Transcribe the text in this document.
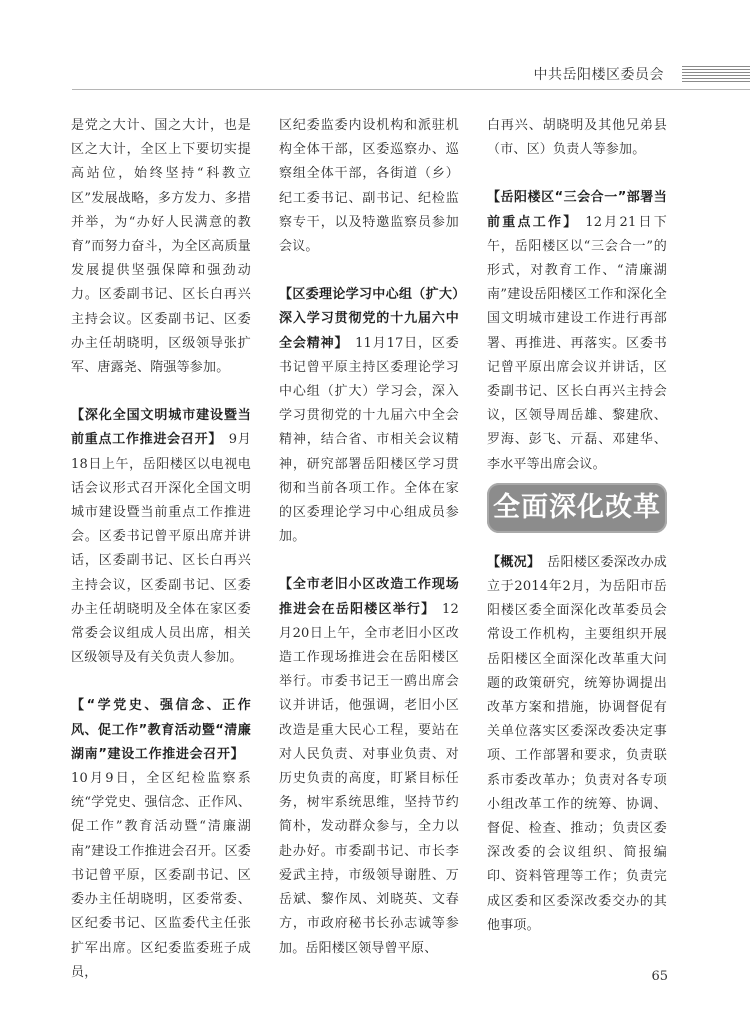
中共岳阳楼区委员会

是党之大计、国之大计，也是区之大计，全区上下要切实提高站位，始终坚持“科教立区”发展战略，多方发力、多措并举，为“办好人民满意的教育”而努力奋斗，为全区高质量发展提供坚强保障和强劲动力。区委副书记、区长白再兴主持会议。区委副书记、区委办主任胡晓明，区级领导张扩军、唐露尧、隋强等参加。

【深化全国文明城市建设暨当前重点工作推进会召开】  9月18日上午，岳阳楼区以电视电话会议形式召开深化全国文明城市建设暨当前重点工作推进会。区委书记曾平原出席并讲话，区委副书记、区长白再兴主持会议，区委副书记、区委办主任胡晓明及全体在家区委常委会议组成人员出席，相关区级领导及有关负责人参加。

【“学党史、强信念、正作风、促工作”教育活动暨“清廉湖南”建设工作推进会召开】 10月9日，全区纪检监察系统“学党史、强信念、正作风、促工作”教育活动暨“清廉湖南”建设工作推进会召开。区委书记曾平原，区委副书记、区委办主任胡晓明，区委常委、区纪委书记、区监委代主任张扩军出席。区纪委监委班子成员，

区纪委监委内设机构和派驻机构全体干部，区委巡察办、巡察组全体干部，各街道（乡）纪工委书记、副书记、纪检监察专干，以及特邀监察员参加会议。

【区委理论学习中心组（扩大）深入学习贯彻党的十九届六中全会精神】  11月17日，区委书记曾平原主持区委理论学习中心组（扩大）学习会，深入学习贯彻党的十九届六中全会精神，结合省、市相关会议精神，研究部署岳阳楼区学习贯彻和当前各项工作。全体在家的区委理论学习中心组成员参加。

【全市老旧小区改造工作现场推进会在岳阳楼区举行】  12月20日上午，全市老旧小区改造工作现场推进会在岳阳楼区举行。市委书记王一鸥出席会议并讲话，他强调，老旧小区改造是重大民心工程，要站在对人民负责、对事业负责、对历史负责的高度，盯紧目标任务，树牢系统思维，坚持节约简朴，发动群众参与，全力以赴办好。市委副书记、市长李爱武主持，市级领导谢胜、万岳斌、黎作凤、刘晓英、文春方，市政府秘书长孙志诚等参加。岳阳楼区领导曾平原、

白再兴、胡晓明及其他兄弟县（市、区）负责人等参加。

【岳阳楼区“三会合一”部署当前重点工作】  12月21日下午，岳阳楼区以“三会合一”的形式，对教育工作、“清廉湖南”建设岳阳楼区工作和深化全国文明城市建设工作进行再部署、再推进、再落实。区委书记曾平原出席会议并讲话，区委副书记、区长白再兴主持会议，区领导周岳雄、黎建欣、罗海、彭飞、亓磊、邓建华、李水平等出席会议。

全面深化改革

【概况】  岳阳楼区委深改办成立于2014年2月，为岳阳市岳阳楼区委全面深化改革委员会常设工作机构，主要组织开展岳阳楼区全面深化改革重大问题的政策研究，统筹协调提出改革方案和措施，协调督促有关单位落实区委深改委决定事项、工作部署和要求，负责联系市委改革办；负责对各专项小组改革工作的统筹、协调、督促、检查、推动；负责区委深改委的会议组织、简报编印、资料管理等工作；负责完成区委和区委深改委交办的其他事项。

65
